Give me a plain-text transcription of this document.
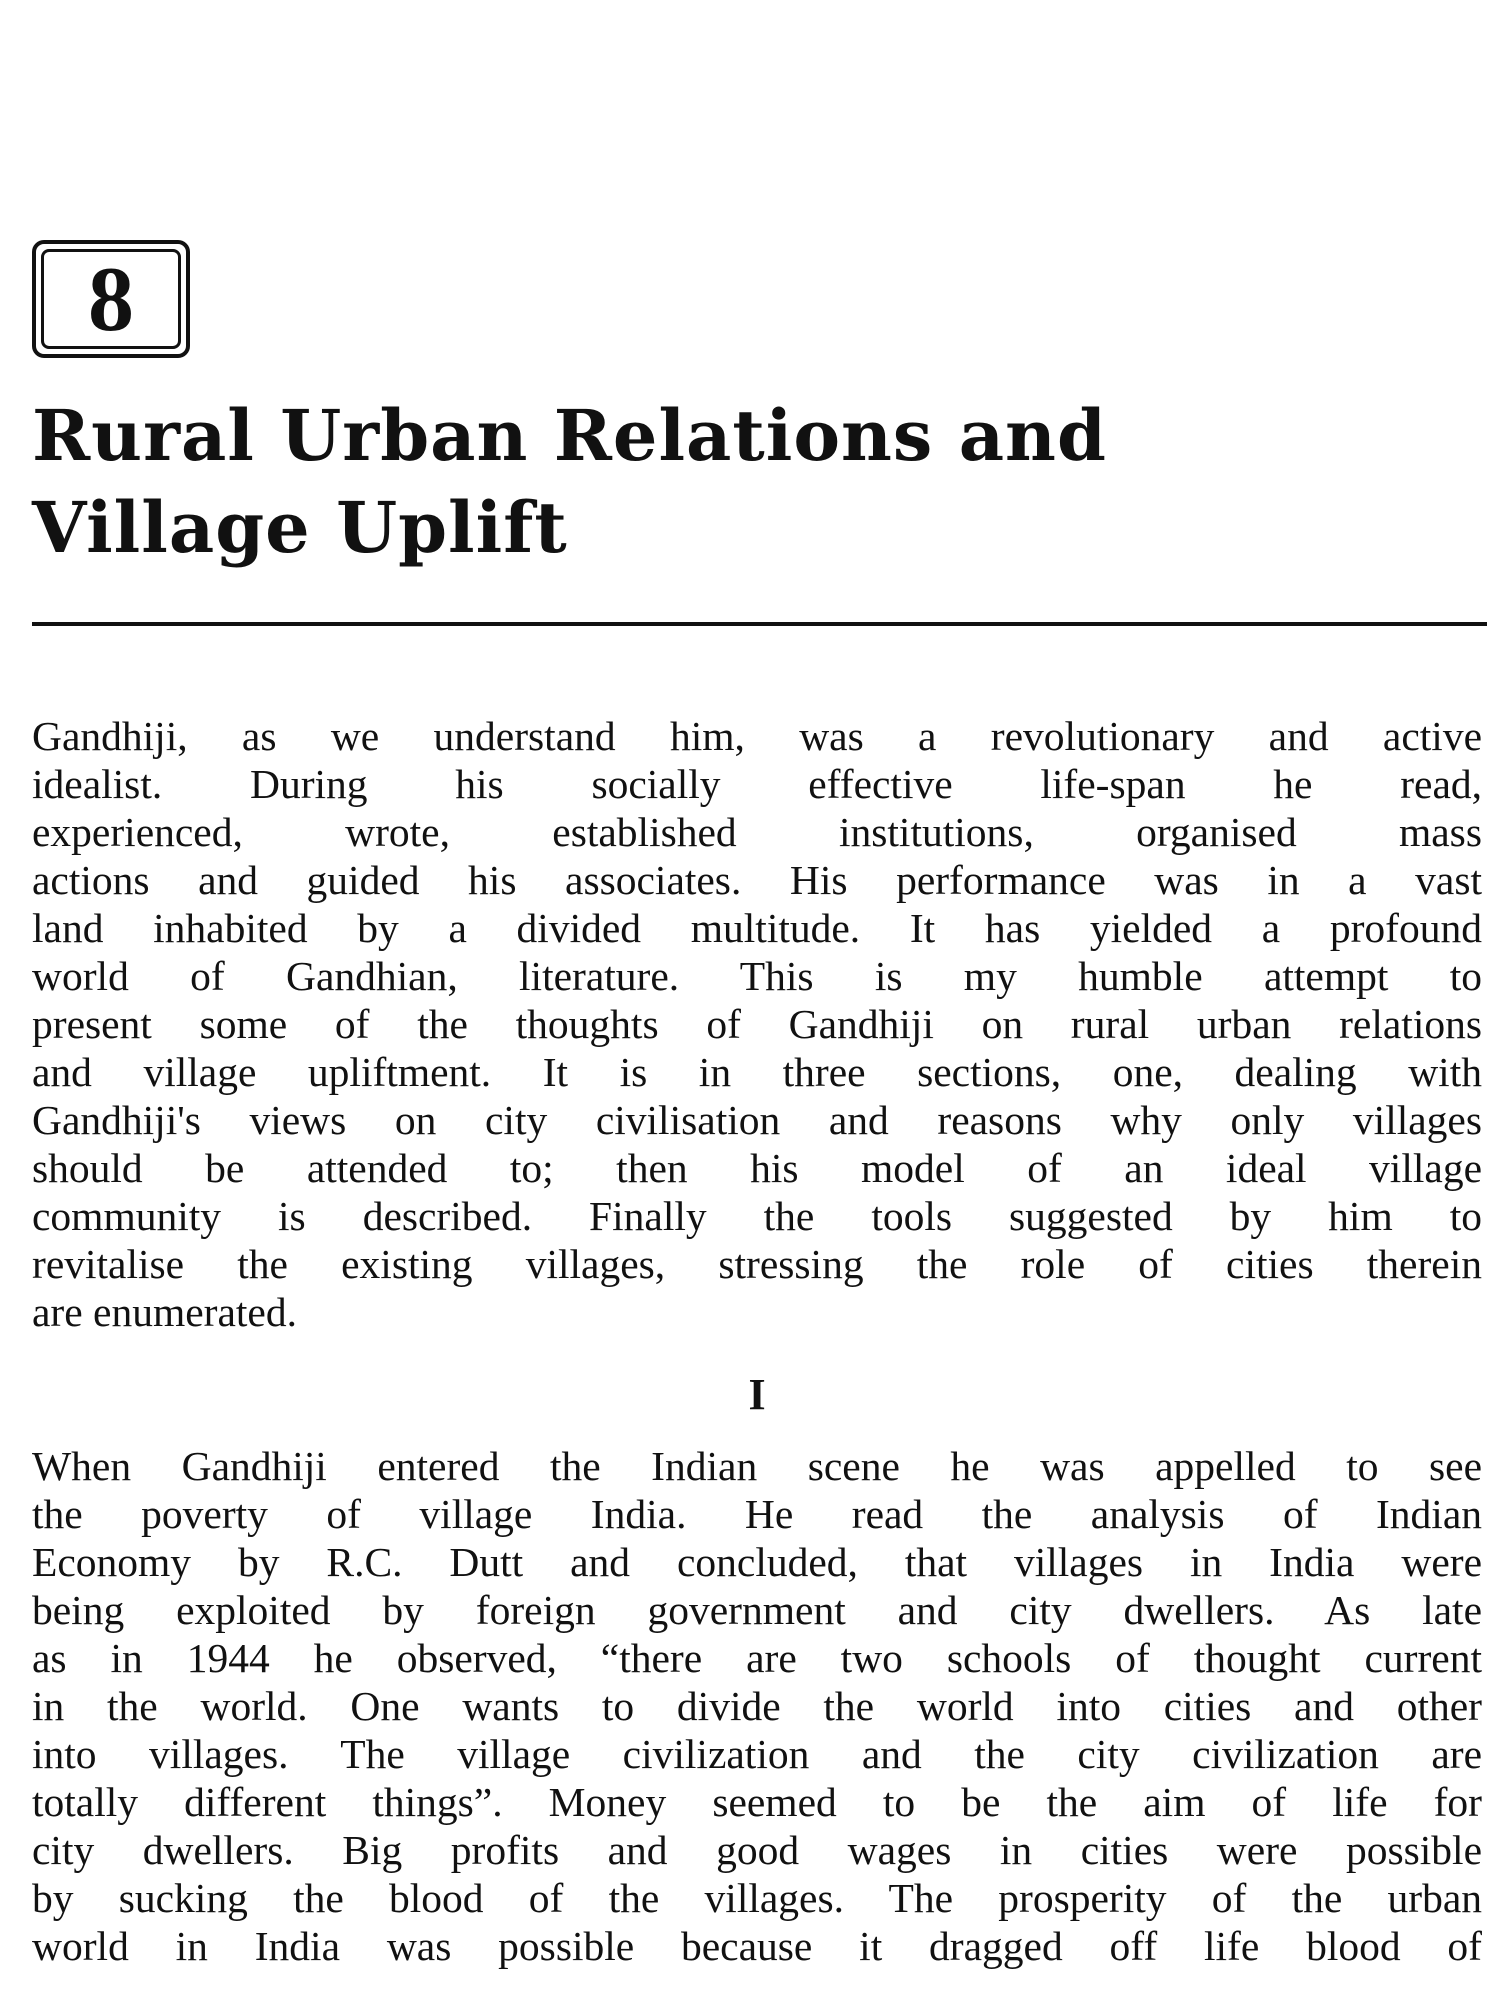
8
Rural Urban Relations and
Village Uplift

Gandhiji, as we understand him, was a revolutionary and active
idealist. During his socially effective life-span he read,
experienced, wrote, established institutions, organised mass
actions and guided his associates. His performance was in a vast
land inhabited by a divided multitude. It has yielded a profound
world of Gandhian, literature. This is my humble attempt to
present some of the thoughts of Gandhiji on rural urban relations
and village upliftment. It is in three sections, one, dealing with
Gandhiji's views on city civilisation and reasons why only villages
should be attended to; then his model of an ideal village
community is described. Finally the tools suggested by him to
revitalise the existing villages, stressing the role of cities therein
are enumerated.

I

When Gandhiji entered the Indian scene he was appelled to see
the poverty of village India. He read the analysis of Indian
Economy by R.C. Dutt and concluded, that villages in India were
being exploited by foreign government and city dwellers. As late
as in 1944 he observed, “there are two schools of thought current
in the world. One wants to divide the world into cities and other
into villages. The village civilization and the city civilization are
totally different things”. Money seemed to be the aim of life for
city dwellers. Big profits and good wages in cities were possible
by sucking the blood of the villages. The prosperity of the urban
world in India was possible because it dragged off life blood of
